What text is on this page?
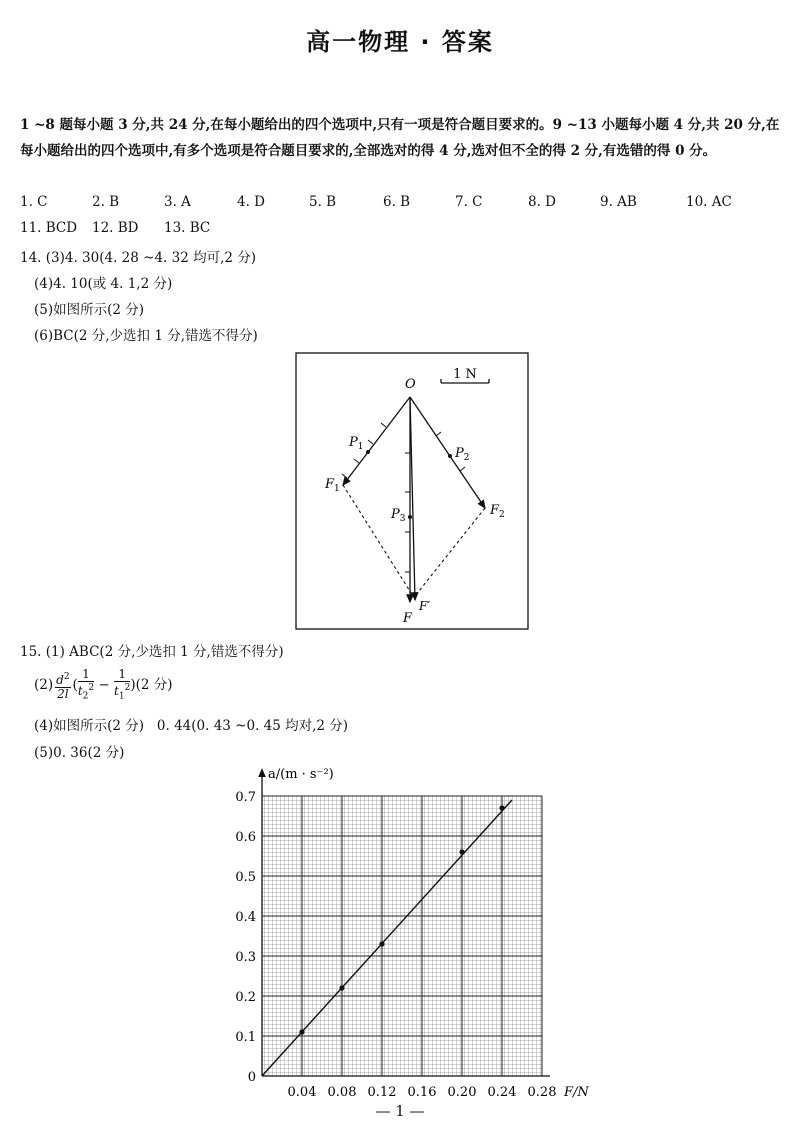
高一物理 · 答案
1 ~8 题每小题 3 分,共 24 分,在每小题给出的四个选项中,只有一项是符合题目要求的。9 ~13 小题每小题 4 分,共 20 分,在每小题给出的四个选项中,有多个选项是符合题目要求的,全部选对的得 4 分,选对但不全的得 2 分,有选错的得 0 分。
1. C	2. B	3. A	4. D	5. B	6. B	7. C	8. D	9. AB	10. AC
11. BCD 12. BD 13. BC
14. (3)4. 30(4. 28 ~4. 32 均可,2 分)
(4)4. 10(或 4. 1,2 分)
(5)如图所示(2 分)
(6)BC(2 分,少选扣 1 分,错选不得分)
1 N
O
$P_1$	$P_2$
$P_3$
$F_1$
$F_2$
F
F′
15. (1) ABC(2 分,少选扣 1 分,错选不得分)
$(2) \frac{d^2}{2l}$ ( $\frac{1}{t_2^2} - \frac{1}{t_1^2} )(2$ 分)
(4)如图所示(2 分)   0. 44(0. 43 ~0. 45 均对,2 分)
(5)0. 36(2 分)
0
0.1
0.2
0.3
0.4
0.5
0.6
0.7
0.04 0.08 0.12 0.16 0.20 0.24 0.28
a/(m · s⁻²)
F/N
— 1 —
